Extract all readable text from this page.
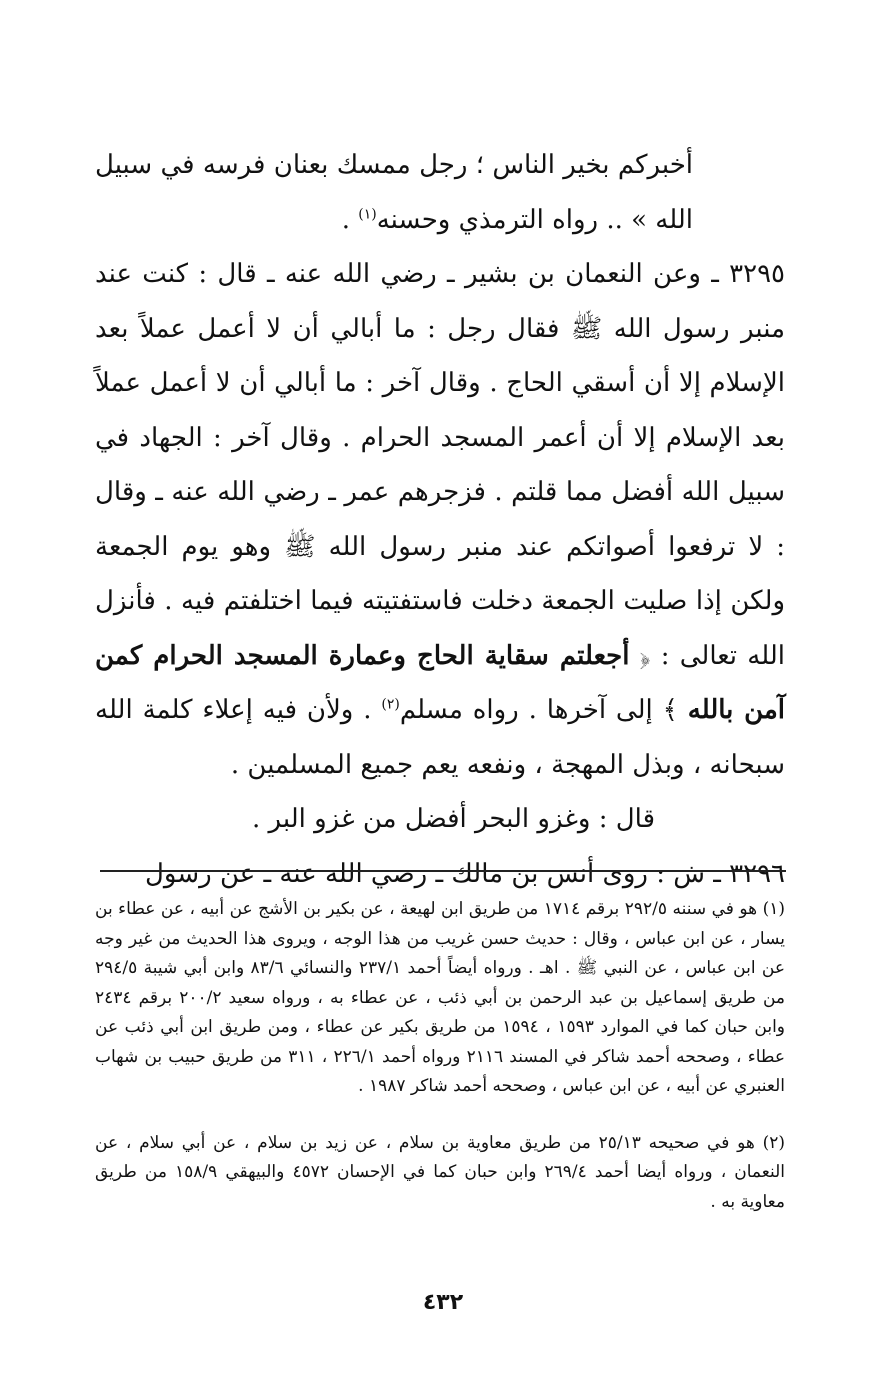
أخبركم بخير الناس ؛ رجل ممسك بعنان فرسه في سبيل الله » .. رواه الترمذي وحسنه$^{(١)}$ .

٣٢٩٥ ـ وعن النعمان بن بشير ـ رضي الله عنه ـ قال : كنت عند منبر رسول الله ﷺ فقال رجل : ما أبالي أن لا أعمل عملاً بعد الإسلام إلا أن أسقي الحاج . وقال آخر : ما أبالي أن لا أعمل عملاً بعد الإسلام إلا أن أعمر المسجد الحرام . وقال آخر : الجهاد في سبيل الله أفضل مما قلتم . فزجرهم عمر ـ رضي الله عنه ـ وقال : لا ترفعوا أصواتكم عند منبر رسول الله ﷺ وهو يوم الجمعة ولكن إذا صليت الجمعة دخلت فاستفتيته فيما اختلفتم فيه . فأنزل الله تعالى : ﴿ أجعلتم سقاية الحاج وعمارة المسجد الحرام كمن آمن بالله ﴾ إلى آخرها . رواه مسلم$^{(٢)}$ . ولأن فيه إعلاء كلمة الله سبحانه ، وبذل المهجة ، ونفعه يعم جميع المسلمين .

قال : وغزو البحر أفضل من غزو البر .

٣٢٩٦ ـ ش : روى أنس بن مالك ـ رضي الله عنه ـ عن رسول

(١) هو في سننه ٢٩٢/٥ برقم ١٧١٤ من طريق ابن لهيعة ، عن بكير بن الأشج عن أبيه ، عن عطاء بن يسار ، عن ابن عباس ، وقال : حديث حسن غريب من هذا الوجه ، ويروى هذا الحديث من غير وجه عن ابن عباس ، عن النبي ﷺ . اهـ . ورواه أيضاً أحمد ٢٣٧/١ والنسائي ٨٣/٦ وابن أبي شيبة ٢٩٤/٥ من طريق إسماعيل بن عبد الرحمن بن أبي ذئب ، عن عطاء به ، ورواه سعيد ٢٠٠/٢ برقم ٢٤٣٤ وابن حبان كما في الموارد ١٥٩٣ ، ١٥٩٤ من طريق بكير عن عطاء ، ومن طريق ابن أبي ذئب عن عطاء ، وصححه أحمد شاكر في المسند ٢١١٦ ورواه أحمد ٢٢٦/١ ، ٣١١ من طريق حبيب بن شهاب العنبري عن أبيه ، عن ابن عباس ، وصححه أحمد شاكر ١٩٨٧ .

(٢) هو في صحيحه ٢٥/١٣ من طريق معاوية بن سلام ، عن زيد بن سلام ، عن أبي سلام ، عن النعمان ، ورواه أيضا أحمد ٢٦٩/٤ وابن حبان كما في الإحسان ٤٥٧٢ والبيهقي ١٥٨/٩ من طريق معاوية به .

٤٣٢
